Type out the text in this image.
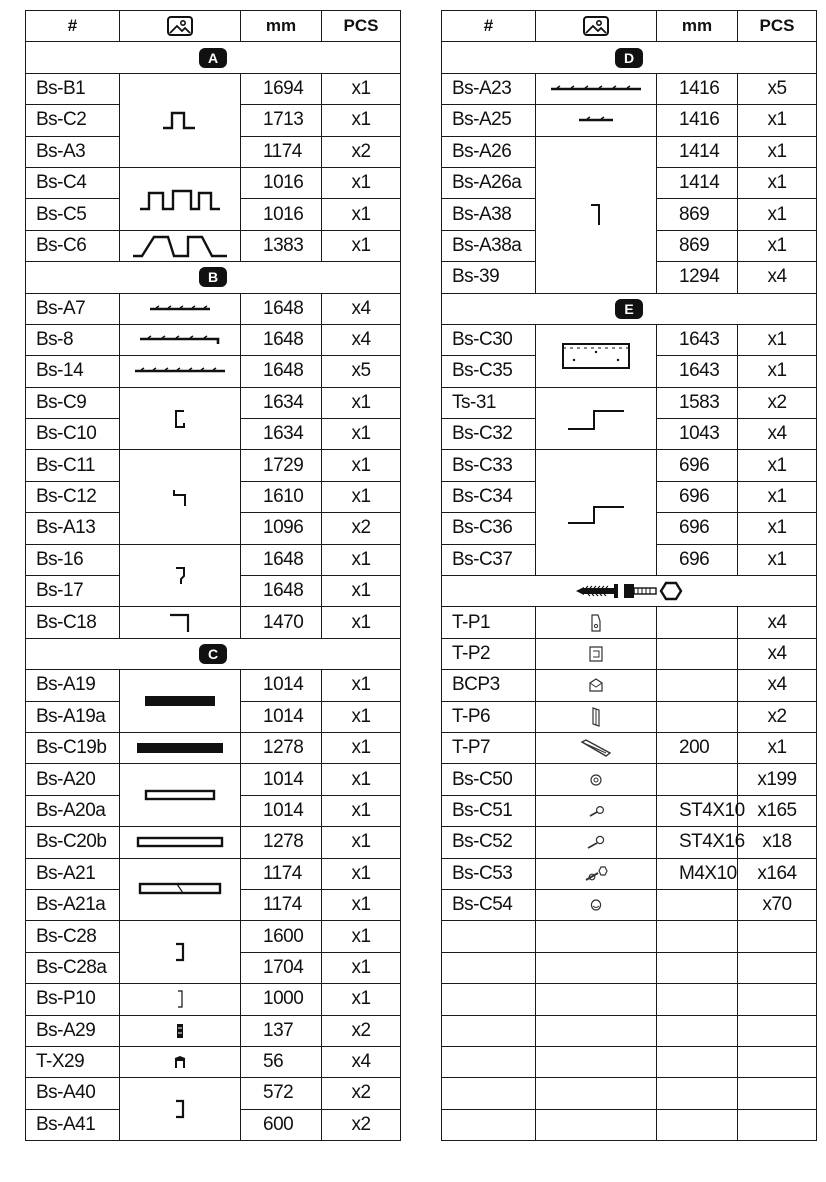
#		mm	PCS
A			
Bs-B1		1694	x1
Bs-C2		1713	x1
Bs-A3		1174	x2
Bs-C4		1016	x1
Bs-C5		1016	x1
Bs-C6		1383	x1
B			
Bs-A7		1648	x4
Bs-8		1648	x4
Bs-14		1648	x5
Bs-C9		1634	x1
Bs-C10		1634	x1
Bs-C11		1729	x1
Bs-C12		1610	x1
Bs-A13		1096	x2
Bs-16		1648	x1
Bs-17		1648	x1
Bs-C18		1470	x1
C			
Bs-A19		1014	x1
Bs-A19a		1014	x1
Bs-C19b		1278	x1
Bs-A20		1014	x1
Bs-A20a		1014	x1
Bs-C20b		1278	x1
Bs-A21		1174	x1
Bs-A21a		1174	x1
Bs-C28		1600	x1
Bs-C28a		1704	x1
Bs-P10		1000	x1
Bs-A29		137	x2
T-X29		56	x4
Bs-A40		572	x2
Bs-A41		600	x2
#		mm	PCS
D			
Bs-A23		1416	x5
Bs-A25		1416	x1
Bs-A26		1414	x1
Bs-A26a		1414	x1
Bs-A38		869	x1
Bs-A38a		869	x1
Bs-39		1294	x4
E			
Bs-C30		1643	x1
Bs-C35		1643	x1
Ts-31		1583	x2
Bs-C32		1043	x4
Bs-C33		696	x1
Bs-C34		696	x1
Bs-C36		696	x1
Bs-C37		696	x1

T-P1			x4
T-P2			x4
BCP3			x4
T-P6			x2
T-P7		200	x1
Bs-C50			x199
Bs-C51		ST4X10	x165
Bs-C52		ST4X16	x18
Bs-C53		M4X10	x164
Bs-C54			x70
